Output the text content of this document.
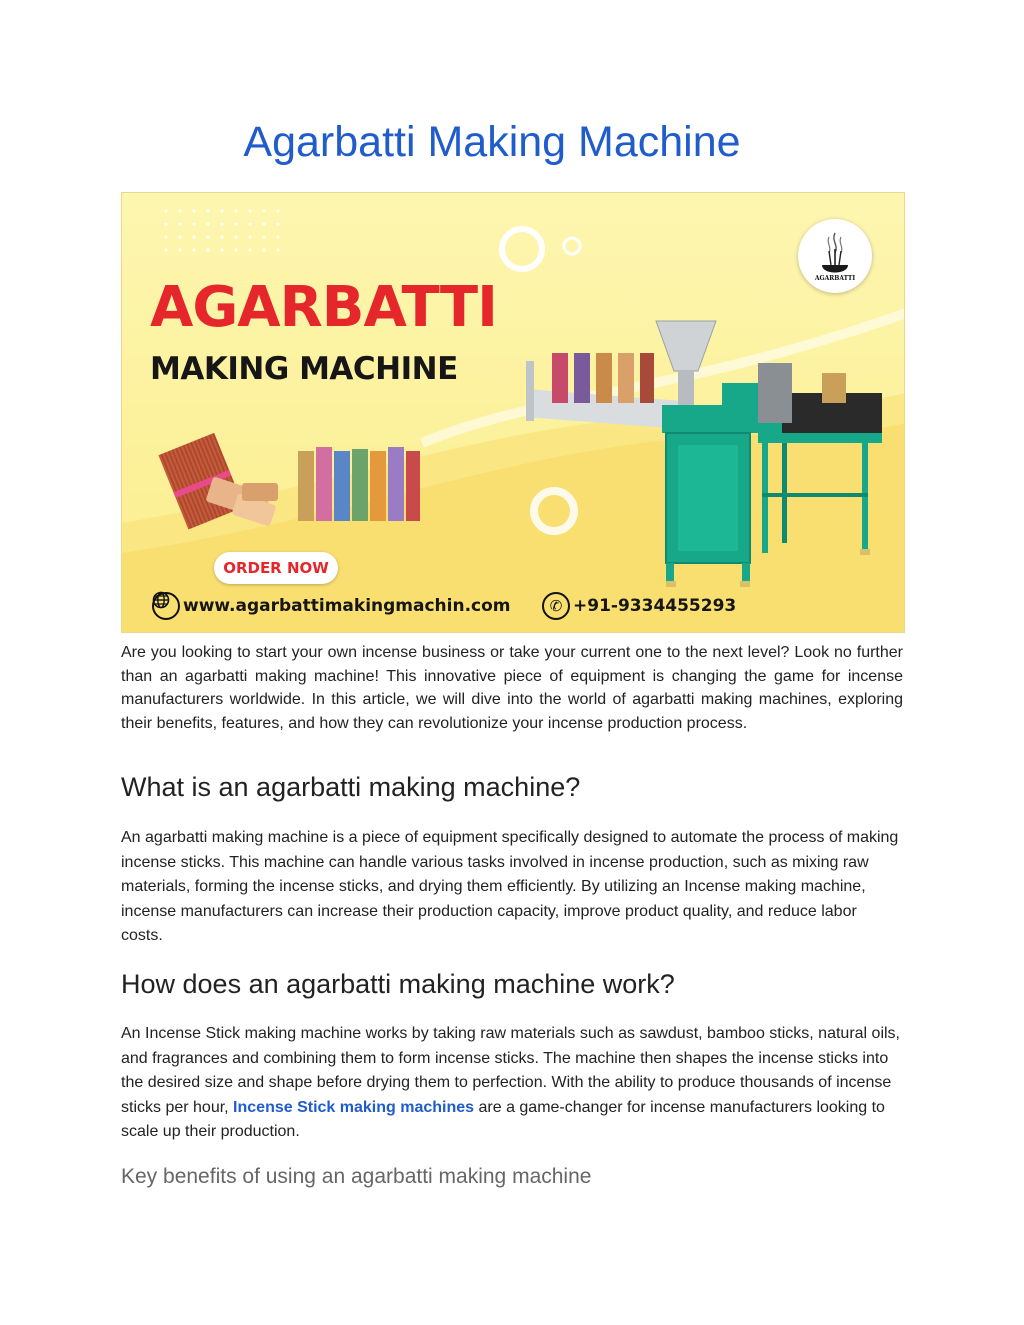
Agarbatti Making Machine
AGARBATTI
MAKING MACHINE
ORDER NOW
www.agarbattimakingmachin.com	✆ +91-9334455293
AGARBATTI

Are you looking to start your own incense business or take your current one to the next level? Look no further than an agarbatti making machine! This innovative piece of equipment is changing the game for incense manufacturers worldwide. In this article, we will dive into the world of agarbatti making machines, exploring their benefits, features, and how they can revolutionize your incense production process.

What is an agarbatti making machine?

An agarbatti making machine is a piece of equipment specifically designed to automate the process of making incense sticks. This machine can handle various tasks involved in incense production, such as mixing raw materials, forming the incense sticks, and drying them efficiently. By utilizing an Incense making machine, incense manufacturers can increase their production capacity, improve product quality, and reduce labor costs.

How does an agarbatti making machine work?

An Incense Stick making machine works by taking raw materials such as sawdust, bamboo sticks, natural oils, and fragrances and combining them to form incense sticks. The machine then shapes the incense sticks into the desired size and shape before drying them to perfection. With the ability to produce thousands of incense sticks per hour, Incense Stick making machines are a game-changer for incense manufacturers looking to scale up their production.

Key benefits of using an agarbatti making machine
